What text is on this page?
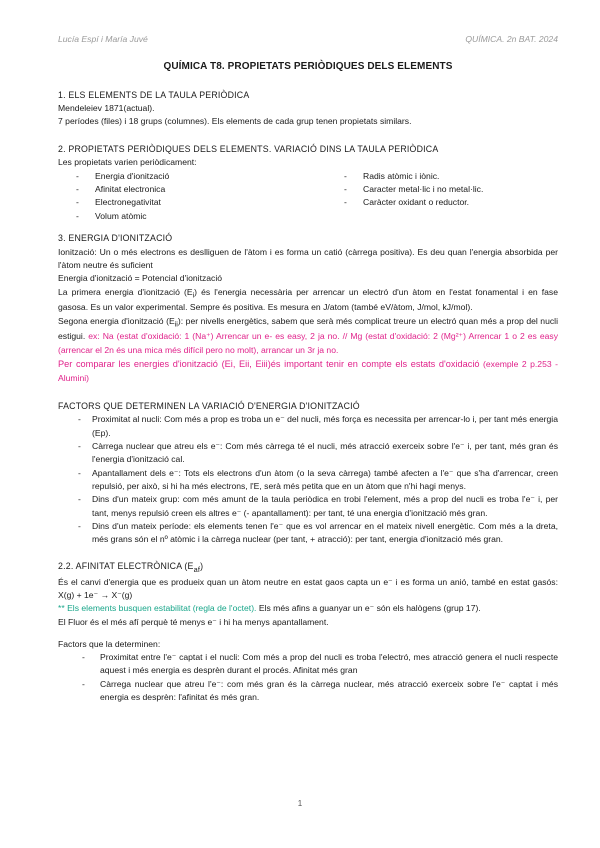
Lucía Espí i María Juvé	QUÍMICA. 2n BAT. 2024
QUÍMICA T8. PROPIETATS PERIÒDIQUES DELS ELEMENTS

1. ELS ELEMENTS DE LA TAULA PERIÒDICA

Mendeleiev 1871(actual).

7 períodes (files) i 18 grups (columnes). Els elements de cada grup tenen propietats similars.

2. PROPIETATS PERIÒDIQUES DELS ELEMENTS. VARIACIÓ DINS LA TAULA PERIÒDICA

Les propietats varien periòdicament:

- Energia d'ionització	- Radis atòmic i iònic.
- Afinitat electronica	- Caracter metal·lic i no metal·lic.
- Electronegativitat	- Caràcter oxidant o reductor.
- Volum atòmic

3. ENERGIA D'IONITZACIÓ

Ionització: Un o més electrons es deslliguen de l'àtom i es forma un catió (càrrega positiva). Es deu quan l'energia absorbida per l'àtom neutre és suficient

Energia d'ionització = Potencial d'ionització

La primera energia d'ionització $(E_i)$ és l'energia necessària per arrencar un electró d'un àtom en l'estat fonamental i en fase gasosa. Es un valor experimental. Sempre és positiva. Es mesura en J/atom (també eV/àtom, J/mol, kJ/mol).

Segona energia d'ionització $(E_{ii})$: per nivells energètics, sabem que serà més complicat treure un electró quan més a prop del nucli estigui. ex: Na (estat d'oxidació: 1 (Na⁺) Arrencar un e- es easy, 2 ja no. // Mg (estat d'oxidació: 2 (Mg²⁺) Arrencar 1 o 2 es easy (arrencar el 2n és una mica més difícil pero no molt), arrancar un 3r ja no.

Per comparar les energies d'ionització (Ei, Eii, Eiii)és important tenir en compte els estats d'oxidació (exemple 2 p.253 - Alumini)

FACTORS QUE DETERMINEN LA VARIACIÓ D'ENERGIA D'IONITZACIÓ

- Proximitat al nucli: Com més a prop es troba un e⁻ del nucli, més força es necessita per arrencar-lo i, per tant més energia (Ep).
- Càrrega nuclear que atreu els e⁻: Com més càrrega té el nucli, més atracció exerceix sobre l'e⁻ i, per tant, més gran és l'energia d'ionització cal.
- Apantallament dels e⁻: Tots els electrons d'un àtom (o la seva càrrega) també afecten a l'e⁻ que s'ha d'arrencar, creen repulsió, per això, si hi ha més electrons, l'E, serà més petita que en un àtom que n'hi hagi menys.
- Dins d'un mateix grup: com més amunt de la taula periòdica en trobi l'element, més a prop del nucli es troba l'e⁻ i, per tant, menys repulsió creen els altres e⁻ (- apantallament): per tant, té una energia d'ionització més gran.
- Dins d'un mateix període: els elements tenen l'e⁻ que es vol arrencar en el mateix nivell energètic. Com més a la dreta, més grans són el nº atòmic i la càrrega nuclear (per tant, + atracció): per tant, energia d'ionització més gran.

2.2. AFINITAT ELECTRÒNICA $(E_{af})$

És el canvi d'energia que es produeix quan un àtom neutre en estat gaos capta un e⁻ i es forma un anió, també en estat gasós: X(g) + 1e⁻ → X⁻(g)

** Els elements busquen estabilitat (regla de l'octet). Els més afins a guanyar un e⁻ són els halògens (grup 17).

El Fluor és el més afí perquè té menys e⁻ i hi ha menys apantallament.

Factors que la determinen:

- Proximitat entre l'e⁻ captat i el nucli: Com més a prop del nucli es troba l'electró, mes atracció genera el nucli respecte aquest i més energia es desprèn durant el procés. Afinitat més gran
- Càrrega nuclear que atreu l'e⁻: com més gran és la càrrega nuclear, més atracció exerceix sobre l'e⁻ captat i més energia es desprèn: l'afinitat és més gran.
1
